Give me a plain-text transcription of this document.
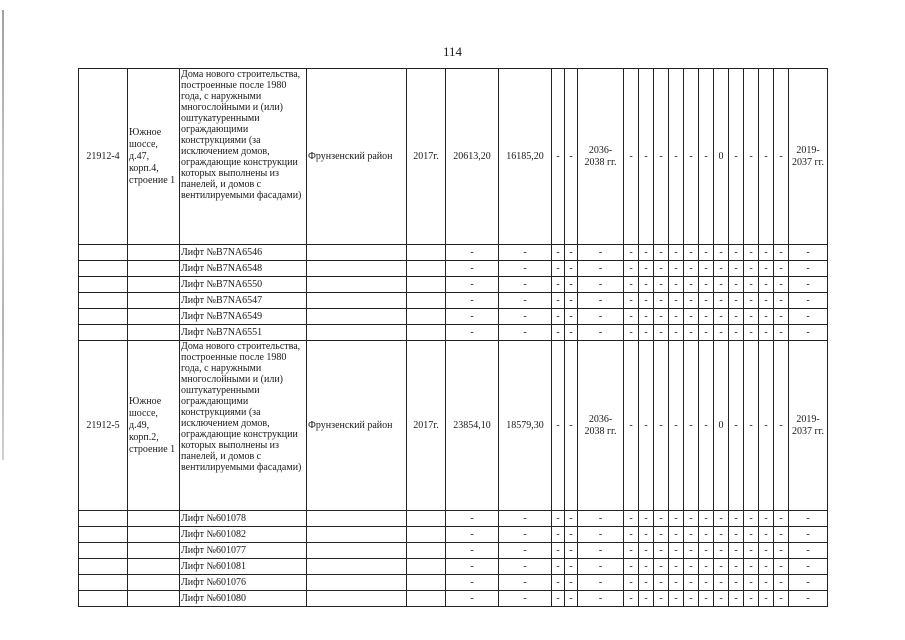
114
21912-4	Южное шоссе, д.47, корп.4, строение 1	Дома нового строительства, построенные после 1980 года, с наружными многослойными и (или) оштукатуренными ограждающими конструкциями (за исключением домов, ограждающие конструкции которых выполнены из панелей, и домов с вентилируемыми фасадами)	Фрунзенский район	2017г.	20613,20	16185,20	-	-	2036-2038 гг.	-	-	-	-	-	-	0	-	-	-	-	2019-2037 гг.
		Лифт №B7NA6546			-	-	-	-	-	-	-	-	-	-	-	-	-	-	-	-	-
		Лифт №B7NA6548			-	-	-	-	-	-	-	-	-	-	-	-	-	-	-	-	-
		Лифт №B7NA6550			-	-	-	-	-	-	-	-	-	-	-	-	-	-	-	-	-
		Лифт №B7NA6547			-	-	-	-	-	-	-	-	-	-	-	-	-	-	-	-	-
		Лифт №B7NA6549			-	-	-	-	-	-	-	-	-	-	-	-	-	-	-	-	-
		Лифт №B7NA6551			-	-	-	-	-	-	-	-	-	-	-	-	-	-	-	-	-
21912-5	Южное шоссе, д.49, корп.2, строение 1	Дома нового строительства, построенные после 1980 года, с наружными многослойными и (или) оштукатуренными ограждающими конструкциями (за исключением домов, ограждающие конструкции которых выполнены из панелей, и домов с вентилируемыми фасадами)	Фрунзенский район	2017г.	23854,10	18579,30	-	-	2036-2038 гг.	-	-	-	-	-	-	0	-	-	-	-	2019-2037 гг.
		Лифт №601078			-	-	-	-	-	-	-	-	-	-	-	-	-	-	-	-	-
		Лифт №601082			-	-	-	-	-	-	-	-	-	-	-	-	-	-	-	-	-
		Лифт №601077			-	-	-	-	-	-	-	-	-	-	-	-	-	-	-	-	-
		Лифт №601081			-	-	-	-	-	-	-	-	-	-	-	-	-	-	-	-	-
		Лифт №601076			-	-	-	-	-	-	-	-	-	-	-	-	-	-	-	-	-
		Лифт №601080			-	-	-	-	-	-	-	-	-	-	-	-	-	-	-	-	-
